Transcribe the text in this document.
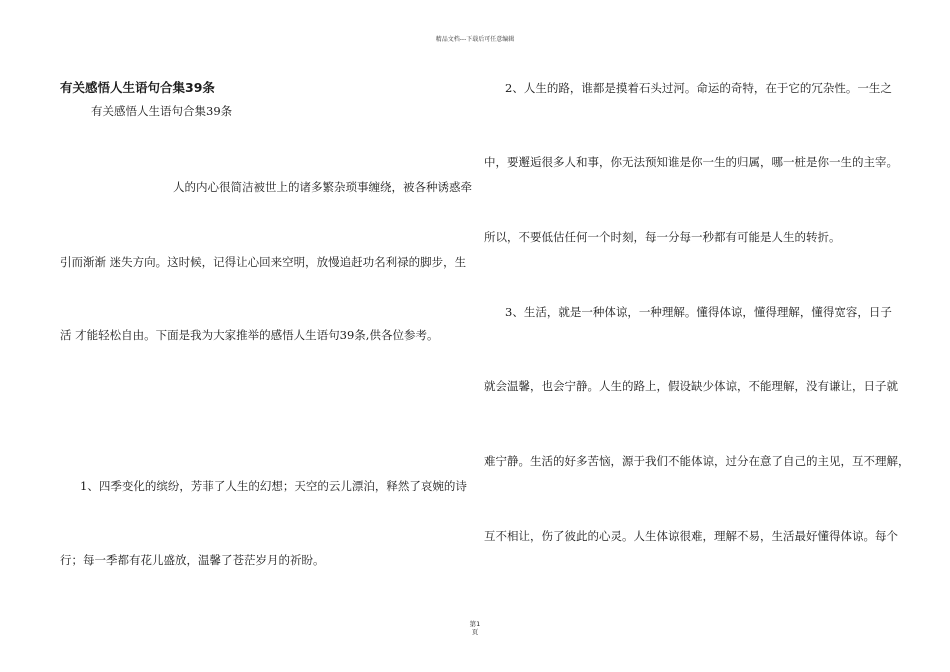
精品文档---下载后可任意编辑
有关感悟人生语句合集39条
有关感悟人生语句合集39条
人的内心很简洁被世上的诸多繁杂琐事缠绕，被各种诱惑牵
引而渐渐 迷失方向。这时候，记得让心回来空明，放慢追赶功名利禄的脚步，生
活 才能轻松自由。下面是我为大家推举的感悟人生语句39条,供各位参考。
1、四季变化的缤纷，芳菲了人生的幻想；天空的云儿漂泊，释然了哀婉的诗
行；每一季都有花儿盛放，温馨了苍茫岁月的祈盼。
2、人生的路，谁都是摸着石头过河。命运的奇特，在于它的冗杂性。一生之
中，要邂逅很多人和事，你无法预知谁是你一生的归属，哪一桩是你一生的主宰。
所以，不要低估任何一个时刻，每一分每一秒都有可能是人生的转折。
3、生活，就是一种体谅，一种理解。懂得体谅，懂得理解，懂得宽容，日子
就会温馨，也会宁静。人生的路上，假设缺少体谅，不能理解，没有谦让，日子就
难宁静。生活的好多苦恼，源于我们不能体谅，过分在意了自己的主见，互不理解，
互不相让，伤了彼此的心灵。人生体谅很难，理解不易，生活最好懂得体谅。每个
第1
页
